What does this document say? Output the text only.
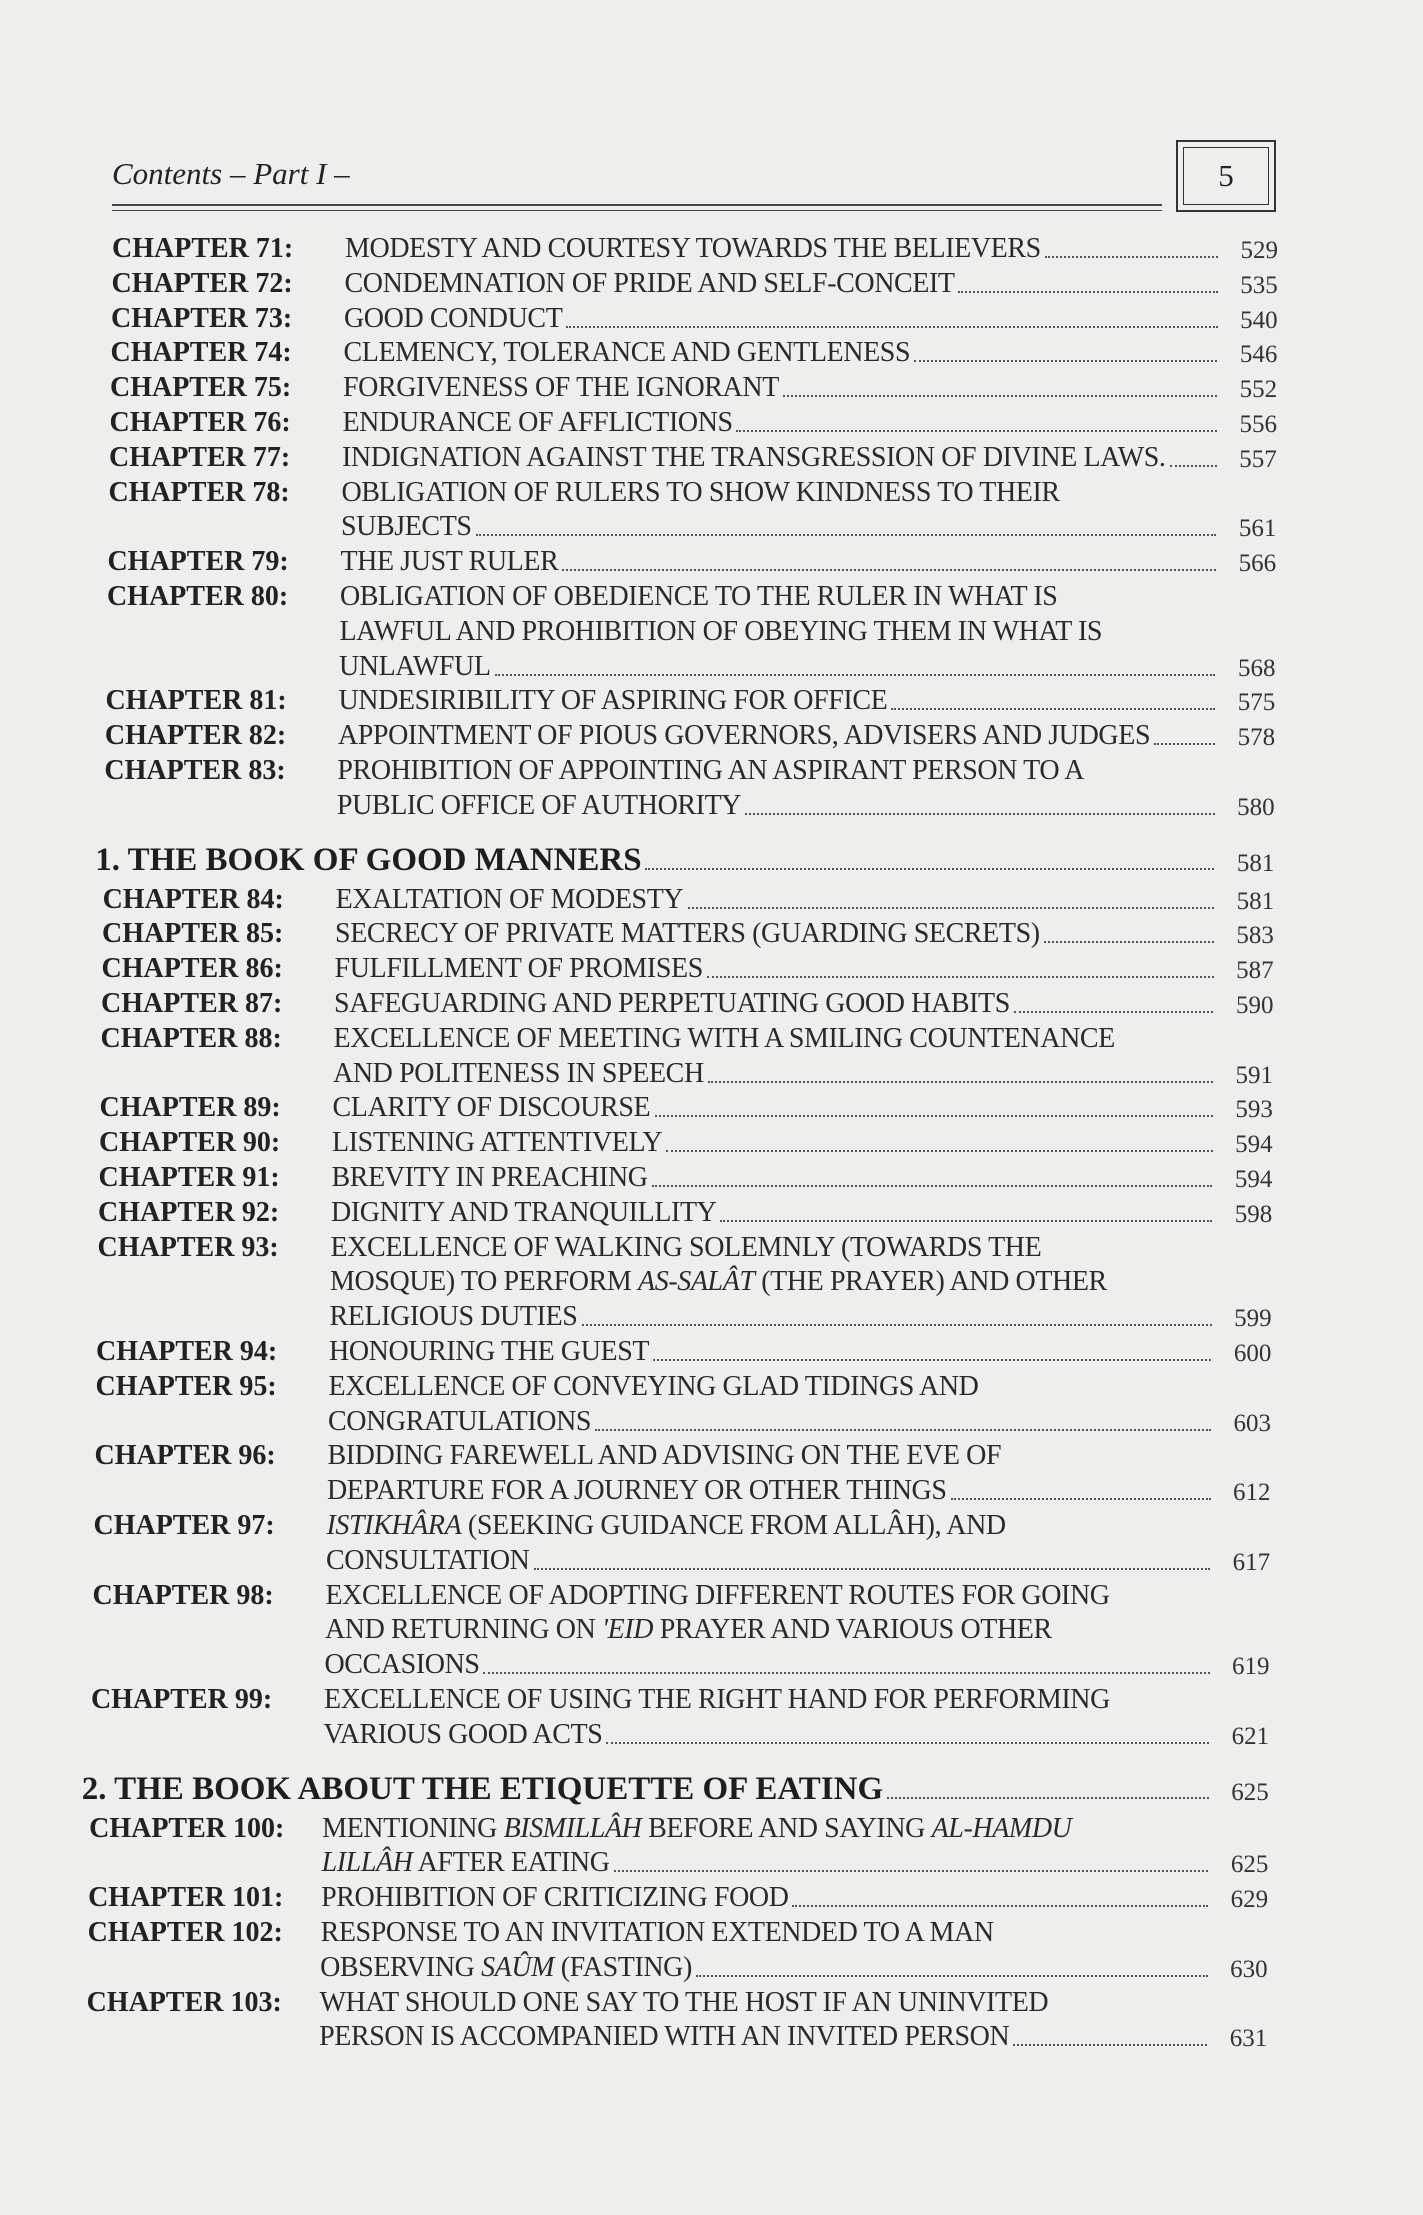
Contents – Part I –	5
CHAPTER 71: MODESTY AND COURTESY TOWARDS THE BELIEVERS	529
CHAPTER 72: CONDEMNATION OF PRIDE AND SELF-CONCEIT	535
CHAPTER 73: GOOD CONDUCT	540
CHAPTER 74: CLEMENCY, TOLERANCE AND GENTLENESS	546
CHAPTER 75: FORGIVENESS OF THE IGNORANT	552
CHAPTER 76: ENDURANCE OF AFFLICTIONS	556
CHAPTER 77: INDIGNATION AGAINST THE TRANSGRESSION OF DIVINE LAWS.	557
CHAPTER 78: OBLIGATION OF RULERS TO SHOW KINDNESS TO THEIR
SUBJECTS	561
CHAPTER 79: THE JUST RULER	566
CHAPTER 80: OBLIGATION OF OBEDIENCE TO THE RULER IN WHAT IS
LAWFUL AND PROHIBITION OF OBEYING THEM IN WHAT IS
UNLAWFUL	568
CHAPTER 81: UNDESIRIBILITY OF ASPIRING FOR OFFICE	575
CHAPTER 82: APPOINTMENT OF PIOUS GOVERNORS, ADVISERS AND JUDGES	578
CHAPTER 83: PROHIBITION OF APPOINTING AN ASPIRANT PERSON TO A
PUBLIC OFFICE OF AUTHORITY	580
1. THE BOOK OF GOOD MANNERS	581
CHAPTER 84: EXALTATION OF MODESTY	581
CHAPTER 85: SECRECY OF PRIVATE MATTERS (GUARDING SECRETS)	583
CHAPTER 86: FULFILLMENT OF PROMISES	587
CHAPTER 87: SAFEGUARDING AND PERPETUATING GOOD HABITS	590
CHAPTER 88: EXCELLENCE OF MEETING WITH A SMILING COUNTENANCE
AND POLITENESS IN SPEECH	591
CHAPTER 89: CLARITY OF DISCOURSE	593
CHAPTER 90: LISTENING ATTENTIVELY	594
CHAPTER 91: BREVITY IN PREACHING	594
CHAPTER 92: DIGNITY AND TRANQUILLITY	598
CHAPTER 93: EXCELLENCE OF WALKING SOLEMNLY (TOWARDS THE
MOSQUE) TO PERFORM AS-SALÂT (THE PRAYER) AND OTHER
RELIGIOUS DUTIES	599
CHAPTER 94: HONOURING THE GUEST	600
CHAPTER 95: EXCELLENCE OF CONVEYING GLAD TIDINGS AND
CONGRATULATIONS	603
CHAPTER 96: BIDDING FAREWELL AND ADVISING ON THE EVE OF
DEPARTURE FOR A JOURNEY OR OTHER THINGS	612
CHAPTER 97: ISTIKHÂRA (SEEKING GUIDANCE FROM ALLÂH), AND
CONSULTATION	617
CHAPTER 98: EXCELLENCE OF ADOPTING DIFFERENT ROUTES FOR GOING
AND RETURNING ON 'EID PRAYER AND VARIOUS OTHER
OCCASIONS	619
CHAPTER 99: EXCELLENCE OF USING THE RIGHT HAND FOR PERFORMING
VARIOUS GOOD ACTS	621
2. THE BOOK ABOUT THE ETIQUETTE OF EATING	625
CHAPTER 100: MENTIONING BISMILLÂH BEFORE AND SAYING AL-HAMDU
LILLÂH AFTER EATING	625
CHAPTER 101: PROHIBITION OF CRITICIZING FOOD	629
CHAPTER 102: RESPONSE TO AN INVITATION EXTENDED TO A MAN
OBSERVING SAÛM (FASTING)	630
CHAPTER 103: WHAT SHOULD ONE SAY TO THE HOST IF AN UNINVITED
PERSON IS ACCOMPANIED WITH AN INVITED PERSON	631
